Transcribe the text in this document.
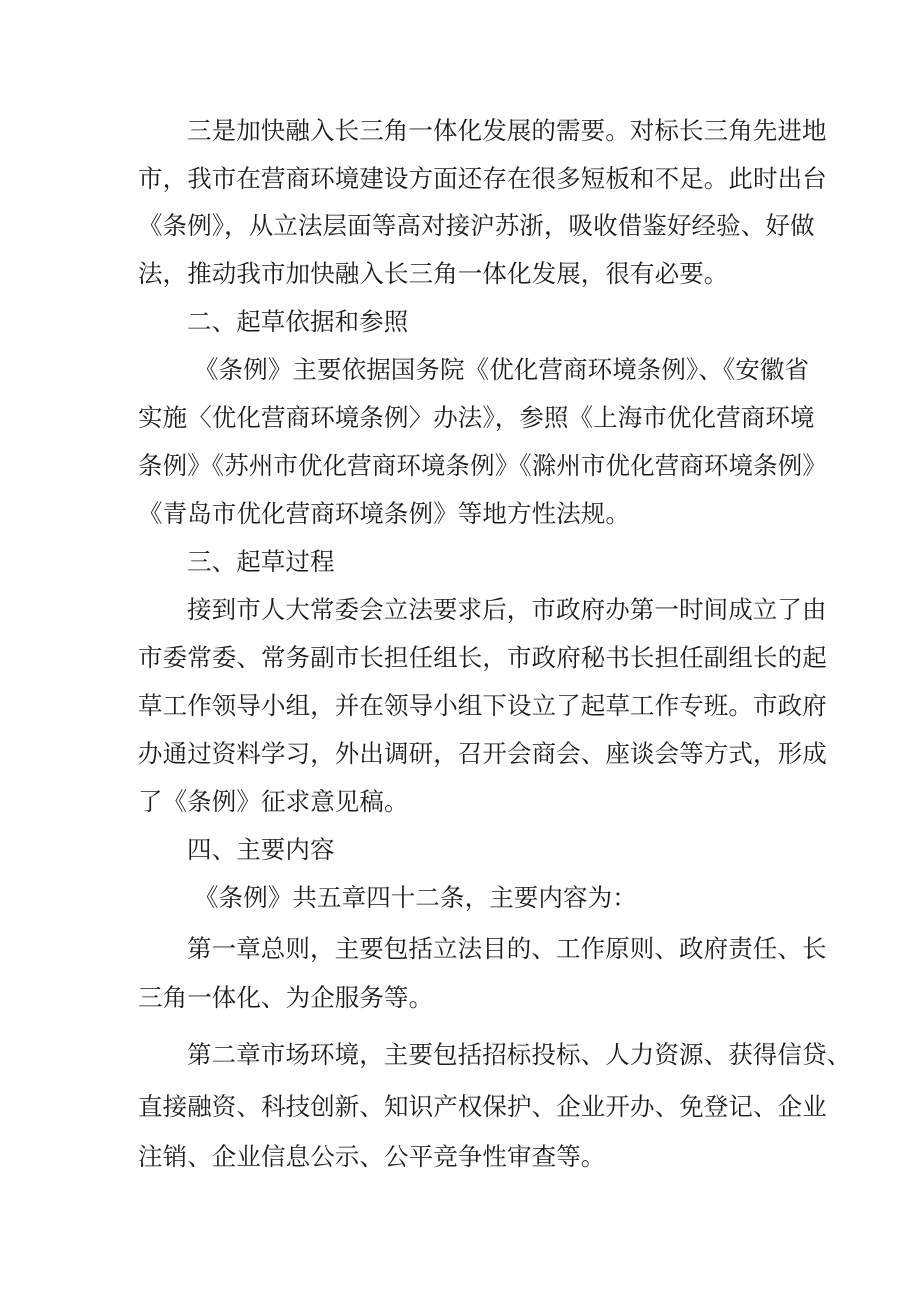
三是加快融入长三角一体化发展的需要。对标长三角先进地
市，我市在营商环境建设方面还存在很多短板和不足。此时出台
《条例》，从立法层面等高对接沪苏浙，吸收借鉴好经验、好做
法，推动我市加快融入长三角一体化发展，很有必要。
二、起草依据和参照
《条例》主要依据国务院《优化营商环境条例》、《安徽省
实施〈优化营商环境条例〉办法》，参照《上海市优化营商环境
条例》《苏州市优化营商环境条例》《滁州市优化营商环境条例》
《青岛市优化营商环境条例》等地方性法规。
三、起草过程
接到市人大常委会立法要求后，市政府办第一时间成立了由
市委常委、常务副市长担任组长，市政府秘书长担任副组长的起
草工作领导小组，并在领导小组下设立了起草工作专班。市政府
办通过资料学习，外出调研，召开会商会、座谈会等方式，形成
了《条例》征求意见稿。
四、主要内容
《条例》共五章四十二条，主要内容为：
第一章总则，主要包括立法目的、工作原则、政府责任、长
三角一体化、为企服务等。
第二章市场环境，主要包括招标投标、人力资源、获得信贷、
直接融资、科技创新、知识产权保护、企业开办、免登记、企业
注销、企业信息公示、公平竞争性审查等。
